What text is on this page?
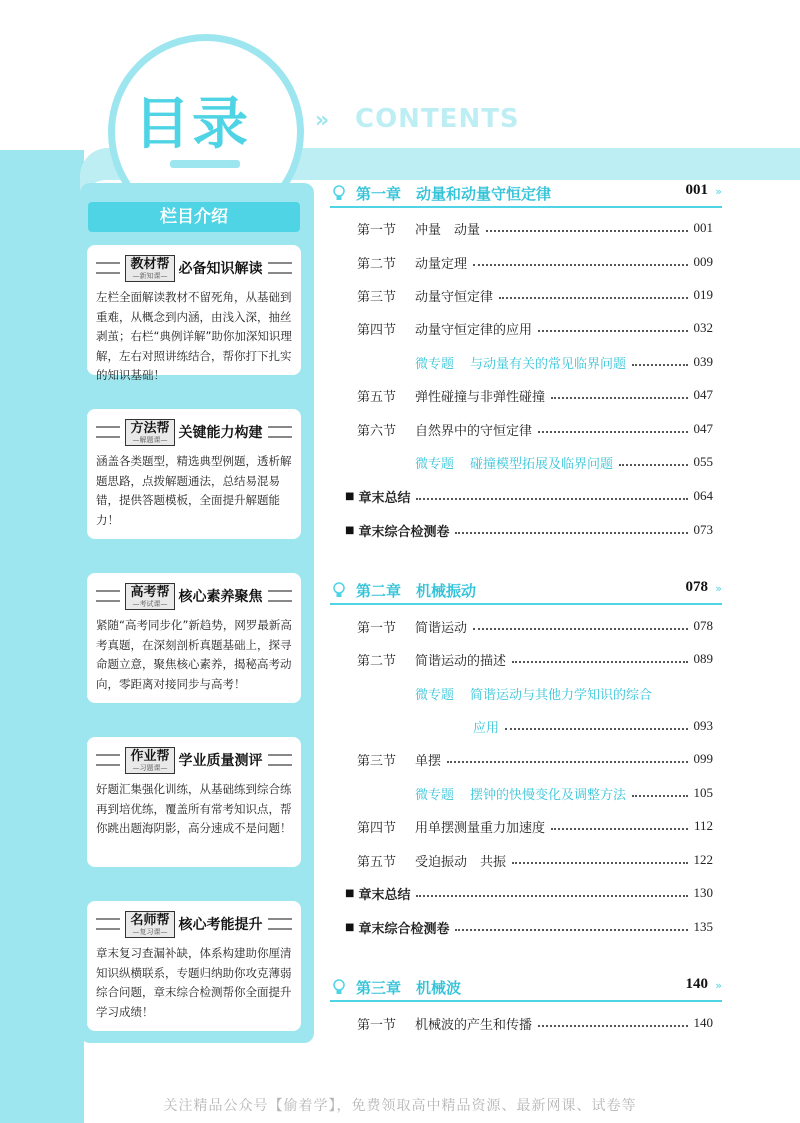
目录	» CONTENTS
栏目介绍
教材帮
—新知课— 必备知识解读
左栏全面解读教材不留死角，从基础到重难，从概念到内涵，由浅入深，抽丝剥茧；右栏“典例详解”助你加深知识理解，左右对照讲练结合，帮你打下扎实的知识基础！
方法帮
—解题课— 关键能力构建
涵盖各类题型，精选典型例题，透析解题思路，点拨解题通法，总结易混易错，提供答题模板，全面提升解题能力！
高考帮
—考试课— 核心素养聚焦
紧随“高考同步化”新趋势，网罗最新高考真题，在深刻剖析真题基础上，探寻命题立意，聚焦核心素养，揭秘高考动向，零距离对接同步与高考！
作业帮
—习题课— 学业质量测评
好题汇集强化训练，从基础练到综合练再到培优练，覆盖所有常考知识点，帮你跳出题海阴影，高分速成不是问题！
名师帮
—复习课— 核心考能提升
章末复习查漏补缺，体系构建助你厘清知识纵横联系，专题归纳助你攻克薄弱综合问题，章末综合检测帮你全面提升学习成绩！
第一章　动量和动量守恒定律	001 »
第二章　机械振动	078 »
第三章　机械波	140 »
第一节	冲量　动量	001
第二节	动量定理	009
第三节	动量守恒定律	019
第四节	动量守恒定律的应用	032
微专题 与动量有关的常见临界问题	039
第五节	弹性碰撞与非弹性碰撞	047
第六节	自然界中的守恒定律	047
微专题 碰撞模型拓展及临界问题	055
■ 章末总结	064
■ 章末综合检测卷	073
第一节	简谐运动	078
第二节	简谐运动的描述	089
微专题 简谐运动与其他力学知识的综合
应用	093
第三节	单摆	099
微专题 摆钟的快慢变化及调整方法	105
第四节	用单摆测量重力加速度	112
第五节	受迫振动　共振	122
■ 章末总结	130
■ 章末综合检测卷	135
第一节	机械波的产生和传播	140
关注精品公众号【偷着学】，免费领取高中精品资源、最新网课、试卷等
